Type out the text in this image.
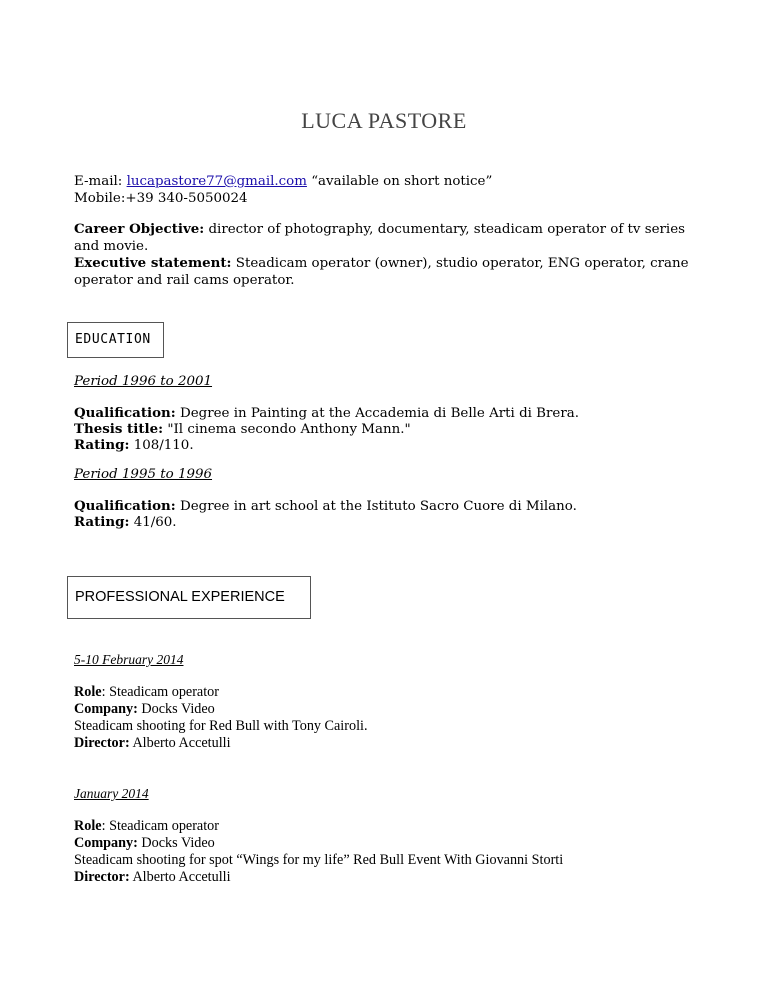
LUCA PASTORE
E-mail: lucapastore77@gmail.com “available on short notice”
Mobile:+39 340-5050024
Career Objective: director of photography, documentary, steadicam operator of tv series
and movie.
Executive statement: Steadicam operator (owner), studio operator, ENG operator, crane
operator and rail cams operator.
EDUCATION
Period 1996 to 2001
Qualification: Degree in Painting at the Accademia di Belle Arti di Brera.
Thesis title: "Il cinema secondo Anthony Mann."
Rating: 108/110.
Period 1995 to 1996
Qualification: Degree in art school at the Istituto Sacro Cuore di Milano.
Rating: 41/60.
PROFESSIONAL EXPERIENCE
5-10 February 2014
Role: Steadicam operator
Company: Docks Video
Steadicam shooting for Red Bull with Tony Cairoli.
Director: Alberto Accetulli
January 2014
Role: Steadicam operator
Company: Docks Video
Steadicam shooting for spot “Wings for my life” Red Bull Event With Giovanni Storti
Director: Alberto Accetulli
